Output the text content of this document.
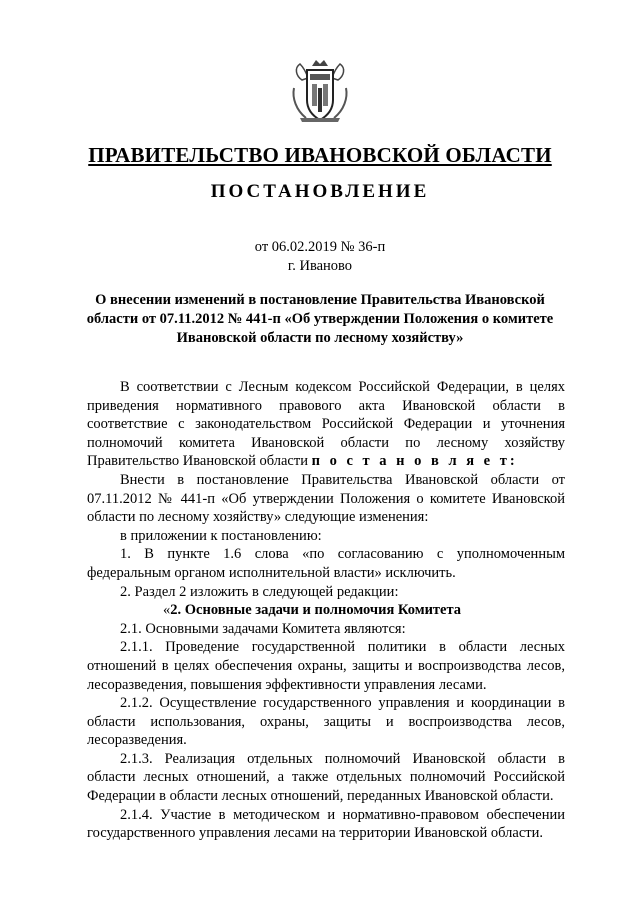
ПРАВИТЕЛЬСТВО ИВАНОВСКОЙ ОБЛАСТИ
ПОСТАНОВЛЕНИЕ
от 06.02.2019 № 36-п
г. Иваново
О внесении изменений в постановление Правительства Ивановской области от 07.11.2012 № 441-п «Об утверждении Положения о комитете Ивановской области по лесному хозяйству»

В соответствии с Лесным кодексом Российской Федерации, в целях приведения нормативного правового акта Ивановской области в соответствие с законодательством Российской Федерации и уточнения полномочий комитета Ивановской области по лесному хозяйству Правительство Ивановской области п о с т а н о в л я е т:

Внести в постановление Правительства Ивановской области от 07.11.2012 № 441-п «Об утверждении Положения о комитете Ивановской области по лесному хозяйству» следующие изменения:

в приложении к постановлению:

1. В пункте 1.6 слова «по согласованию с уполномоченным федеральным органом исполнительной власти» исключить.

2. Раздел 2 изложить в следующей редакции:

«2. Основные задачи и полномочия Комитета

2.1. Основными задачами Комитета являются:

2.1.1. Проведение государственной политики в области лесных отношений в целях обеспечения охраны, защиты и воспроизводства лесов, лесоразведения, повышения эффективности управления лесами.

2.1.2. Осуществление государственного управления и координации в области использования, охраны, защиты и воспроизводства лесов, лесоразведения.

2.1.3. Реализация отдельных полномочий Ивановской области в области лесных отношений, а также отдельных полномочий Российской Федерации в области лесных отношений, переданных Ивановской области.

2.1.4. Участие в методическом и нормативно-правовом обеспечении государственного управления лесами на территории Ивановской области.
